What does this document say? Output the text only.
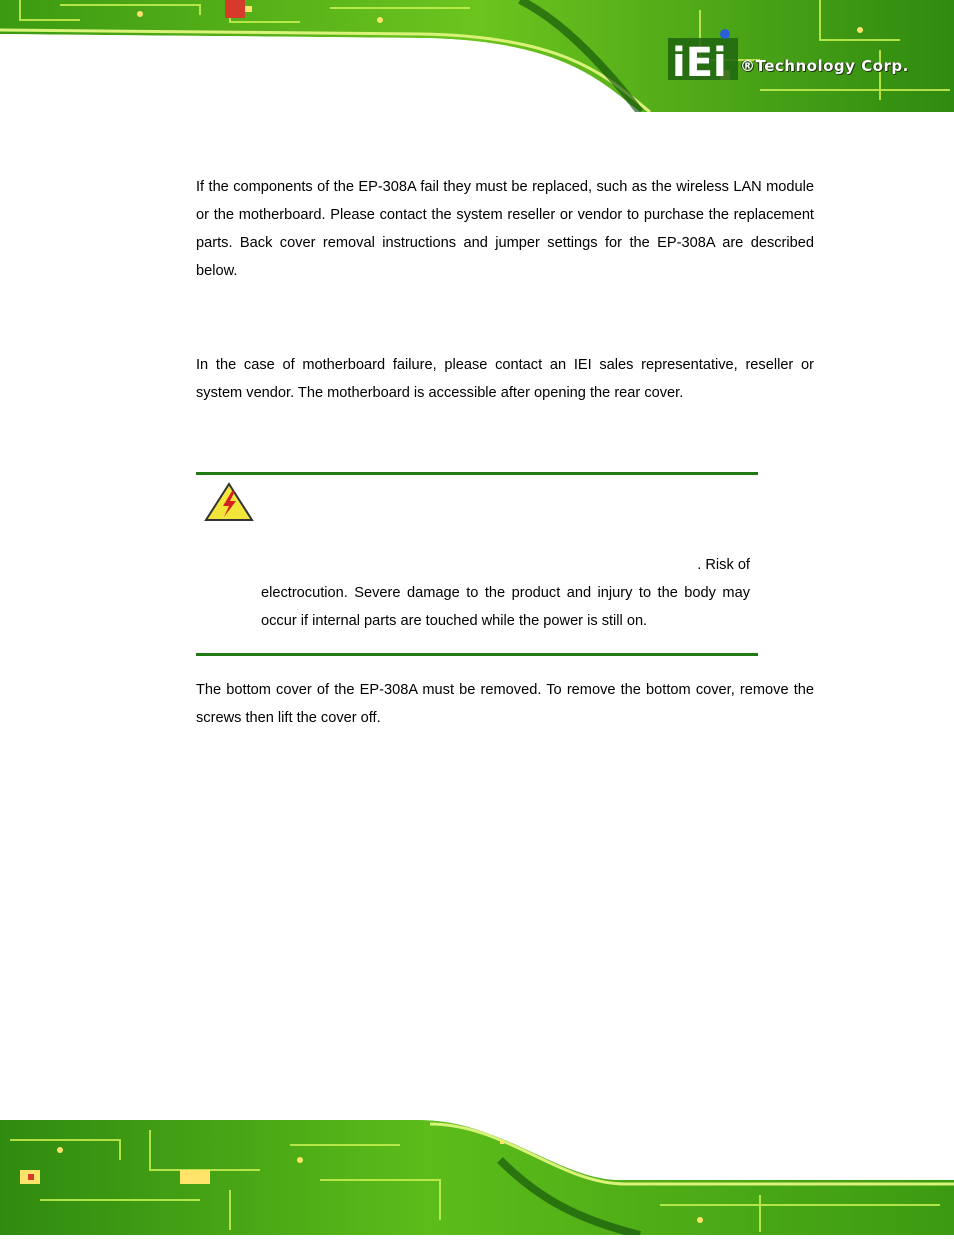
iEi ®Technology Corp.
If the components of the EP-308A fail they must be replaced, such as the wireless LAN module or the motherboard. Please contact the system reseller or vendor to purchase the replacement parts. Back cover removal instructions and jumper settings for the EP-308A are described below.
In the case of motherboard failure, please contact an IEI sales representative, reseller or system vendor. The motherboard is accessible after opening the rear cover.
. Risk of
electrocution. Severe damage to the product and injury to the body may occur if internal parts are touched while the power is still on.
The bottom cover of the EP-308A must be removed. To remove the bottom cover, remove the screws then lift the cover off.
